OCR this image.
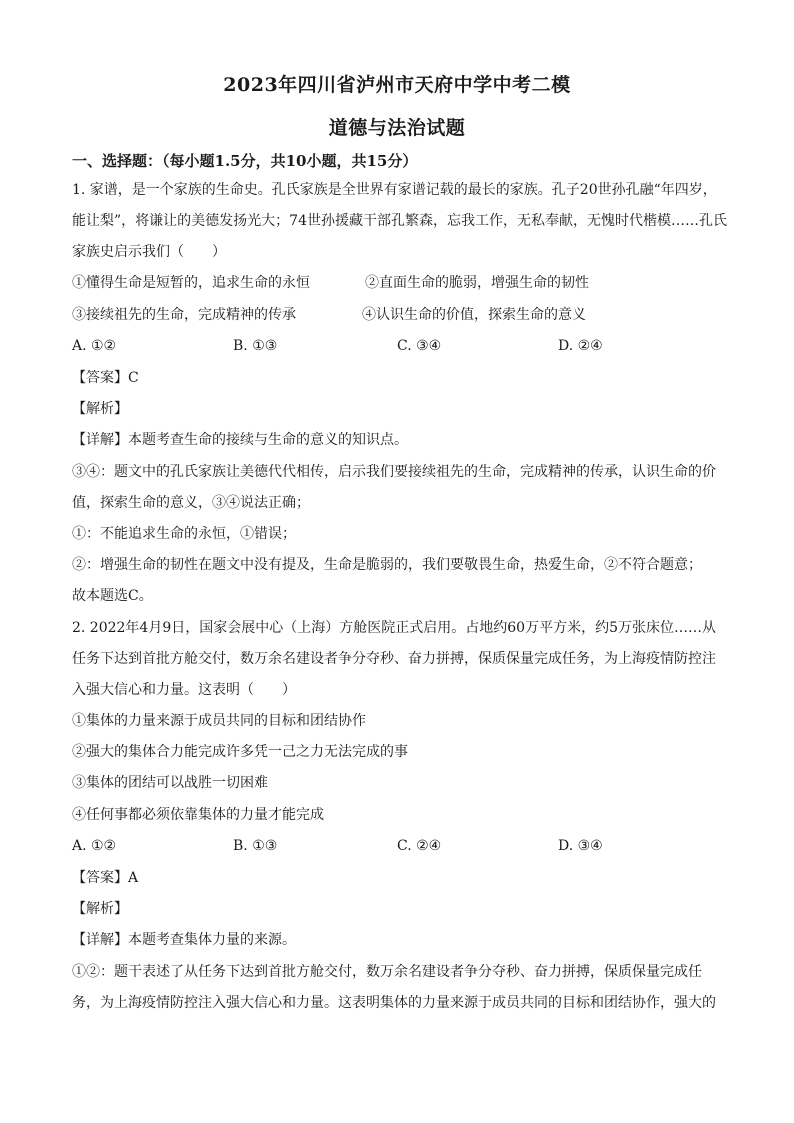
2023年四川省泸州市天府中学中考二模
道德与法治试题
一、选择题：（每小题1.5分，共10小题，共15分）
1. 家谱，是一个家族的生命史。孔氏家族是全世界有家谱记载的最长的家族。孔子20世孙孔融“年四岁，
能让梨”，将谦让的美德发扬光大；74世孙援藏干部孔繁森，忘我工作，无私奉献，无愧时代楷模……孔氏
家族史启示我们（　　）
①懂得生命是短暂的，追求生命的永恒	②直面生命的脆弱，增强生命的韧性
③接续祖先的生命，完成精神的传承	④认识生命的价值，探索生命的意义
A. ①②	B. ①③	C. ③④	D. ②④
【答案】C
【解析】
【详解】本题考查生命的接续与生命的意义的知识点。
③④：题文中的孔氏家族让美德代代相传，启示我们要接续祖先的生命，完成精神的传承，认识生命的价
值，探索生命的意义，③④说法正确；
①：不能追求生命的永恒，①错误；
②：增强生命的韧性在题文中没有提及，生命是脆弱的，我们要敬畏生命，热爱生命，②不符合题意；
故本题选C。
2. 2022年4月9日，国家会展中心（上海）方舱医院正式启用。占地约60万平方米，约5万张床位……从
任务下达到首批方舱交付，数万余名建设者争分夺秒、奋力拼搏，保质保量完成任务，为上海疫情防控注
入强大信心和力量。这表明（　　）
①集体的力量来源于成员共同的目标和团结协作
②强大的集体合力能完成许多凭一己之力无法完成的事
③集体的团结可以战胜一切困难
④任何事都必须依靠集体的力量才能完成
A. ①②	B. ①③	C. ②④	D. ③④
【答案】A
【解析】
【详解】本题考查集体力量的来源。
①②：题干表述了从任务下达到首批方舱交付，数万余名建设者争分夺秒、奋力拼搏，保质保量完成任
务，为上海疫情防控注入强大信心和力量。这表明集体的力量来源于成员共同的目标和团结协作，强大的
